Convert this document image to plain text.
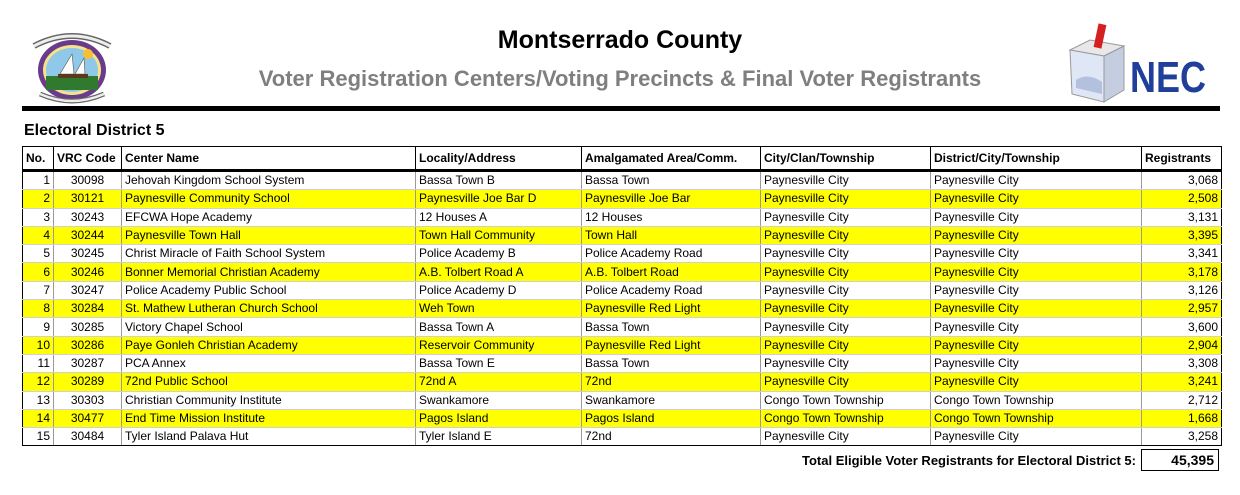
Montserrado County
Voter Registration Centers/Voting Precincts & Final Voter Registrants	NEC
Electoral District 5
No.	VRC Code	Center Name	Locality/Address	Amalgamated Area/Comm.	City/Clan/Township	District/City/Township	Registrants
1	30098	Jehovah Kingdom School System	Bassa Town B	Bassa Town	Paynesville City	Paynesville City	3,068
2	30121	Paynesville Community School	Paynesville Joe Bar D	Paynesville Joe Bar	Paynesville City	Paynesville City	2,508
3	30243	EFCWA Hope Academy	12 Houses A	12 Houses	Paynesville City	Paynesville City	3,131
4	30244	Paynesville Town Hall	Town Hall Community	Town Hall	Paynesville City	Paynesville City	3,395
5	30245	Christ Miracle of Faith School System	Police Academy B	Police Academy Road	Paynesville City	Paynesville City	3,341
6	30246	Bonner Memorial Christian Academy	A.B. Tolbert Road A	A.B. Tolbert Road	Paynesville City	Paynesville City	3,178
7	30247	Police Academy Public School	Police Academy D	Police Academy Road	Paynesville City	Paynesville City	3,126
8	30284	St. Mathew Lutheran Church School	Weh Town	Paynesville Red Light	Paynesville City	Paynesville City	2,957
9	30285	Victory Chapel School	Bassa Town A	Bassa Town	Paynesville City	Paynesville City	3,600
10	30286	Paye Gonleh Christian Academy	Reservoir Community	Paynesville Red Light	Paynesville City	Paynesville City	2,904
11	30287	PCA Annex	Bassa Town E	Bassa Town	Paynesville City	Paynesville City	3,308
12	30289	72nd Public School	72nd A	72nd	Paynesville City	Paynesville City	3,241
13	30303	Christian Community Institute	Swankamore	Swankamore	Congo Town Township	Congo Town Township	2,712
14	30477	End Time Mission Institute	Pagos Island	Pagos Island	Congo Town Township	Congo Town Township	1,668
15	30484	Tyler Island Palava Hut	Tyler Island E	72nd	Paynesville City	Paynesville City	3,258
Total Eligible Voter Registrants for Electoral District 5:	45,395
